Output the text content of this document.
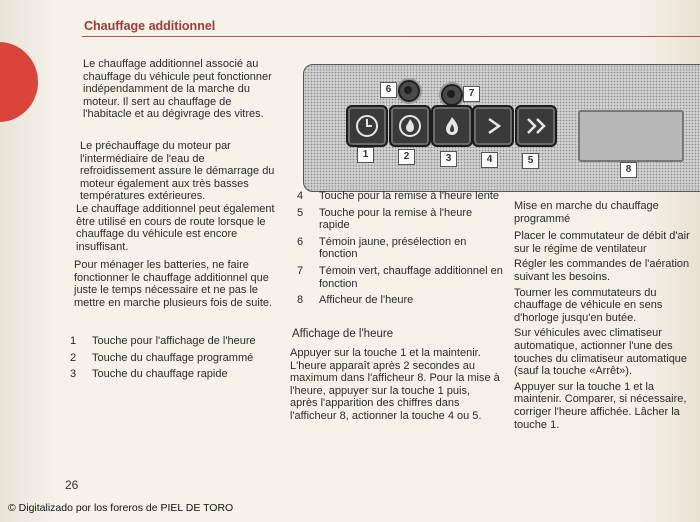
Chauffage additionnel

Le chauffage additionnel associé au chauffage du véhicule peut fonctionner indépendamment de la marche du moteur. Il sert au chauffage de l'habitacle et au dégivrage des vitres.

Le préchauffage du moteur par l'intermédiaire de l'eau de refroidissement assure le démarrage du moteur également aux très basses températures extérieures.

Le chauffage additionnel peut également être utilisé en cours de route lorsque le chauffage du véhicule est encore insuffisant.

Pour ménager les batteries, ne faire fonctionner le chauffage additionnel que juste le temps nécessaire et ne pas le mettre en marche plusieurs fois de suite.

1	Touche pour l'affichage de l'heure
2	Touche du chauffage programmé
3	Touche du chauffage rapide
6	7
1	2	3	4	5
8
4	Touche pour la remise à l'heure lente
5	Touche pour la remise à l'heure rapide
6	Témoin jaune, présélection en fonction
7	Témoin vert, chauffage additionnel en fonction
8	Afficheur de l'heure
Affichage de l'heure

Appuyer sur la touche 1 et la maintenir. L'heure apparaît après 2 secondes au maximum dans l'afficheur 8. Pour la mise à l'heure, appuyer sur la touche 1 puis, après l'apparition des chiffres dans l'afficheur 8, actionner la touche 4 ou 5.

Mise en marche du chauffage programmé

Placer le commutateur de débit d'air sur le régime de ventilateur

Régler les commandes de l'aération suivant les besoins.

Tourner les commutateurs du chauffage de véhicule en sens d'horloge jusqu'en butée.

Sur véhicules avec climatiseur automatique, actionner l'une des touches du climatiseur automatique (sauf la touche «Arrêt»).

Appuyer sur la touche 1 et la maintenir. Comparer, si nécessaire, corriger l'heure affichée. Lâcher la touche 1.

26
© Digitalizado por los foreros de PIEL DE TORO
